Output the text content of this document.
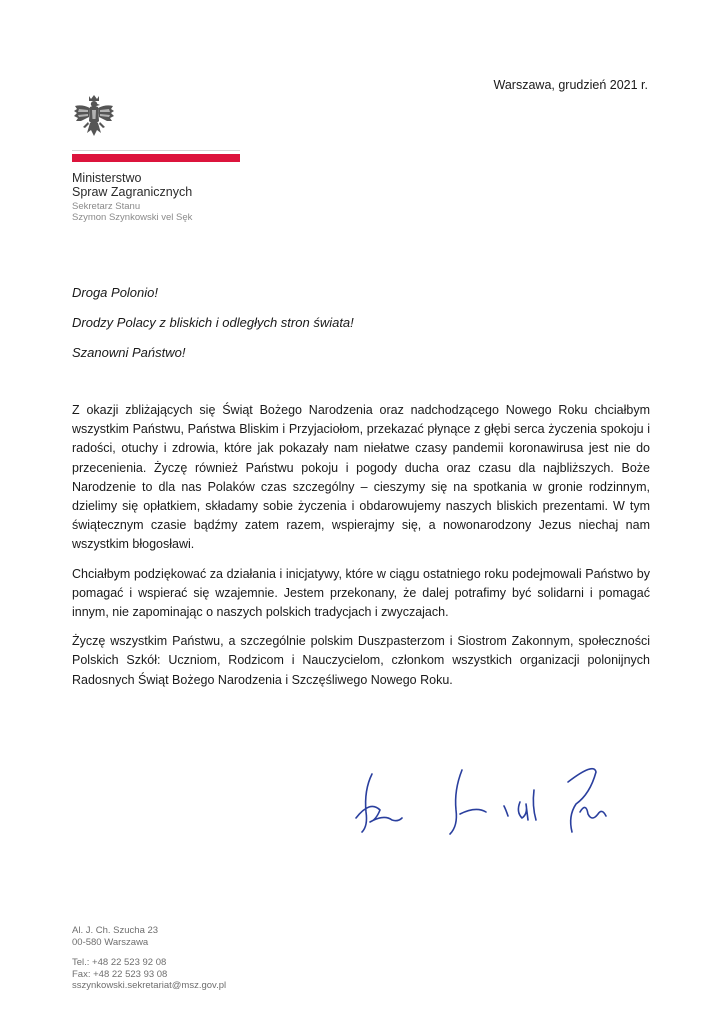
Warszawa, grudzień 2021 r.
Ministerstwo
Spraw Zagranicznych
Sekretarz Stanu
Szymon Szynkowski vel Sęk

Droga Polonio!

Drodzy Polacy z bliskich i odległych stron świata!

Szanowni Państwo!

Z okazji zbliżających się Świąt Bożego Narodzenia oraz nadchodzącego Nowego Roku chciałbym wszystkim Państwu, Państwa Bliskim i Przyjaciołom, przekazać płynące z głębi serca życzenia spokoju i radości, otuchy i zdrowia, które jak pokazały nam niełatwe czasy pandemii koronawirusa jest nie do przecenienia. Życzę również Państwu pokoju i pogody ducha oraz czasu dla najbliższych. Boże Narodzenie to dla nas Polaków czas szczególny – cieszymy się na spotkania w gronie rodzinnym, dzielimy się opłatkiem, składamy sobie życzenia i obdarowujemy naszych bliskich prezentami. W tym świątecznym czasie bądźmy zatem razem, wspierajmy się, a nowonarodzony Jezus niechaj nam wszystkim błogosławi.

Chciałbym podziękować za działania i inicjatywy, które w ciągu ostatniego roku podejmowali Państwo by pomagać i wspierać się wzajemnie. Jestem przekonany, że dalej potrafimy być solidarni i pomagać innym, nie zapominając o naszych polskich tradycjach i zwyczajach.

Życzę wszystkim Państwu, a szczególnie polskim Duszpasterzom i Siostrom Zakonnym, społeczności Polskich Szkół: Uczniom, Rodzicom i Nauczycielom, członkom wszystkich organizacji polonijnych Radosnych Świąt Bożego Narodzenia i Szczęśliwego Nowego Roku.

Al. J. Ch. Szucha 23
00-580 Warszawa
Tel.: +48 22 523 92 08
Fax: +48 22 523 93 08
sszynkowski.sekretariat@msz.gov.pl
